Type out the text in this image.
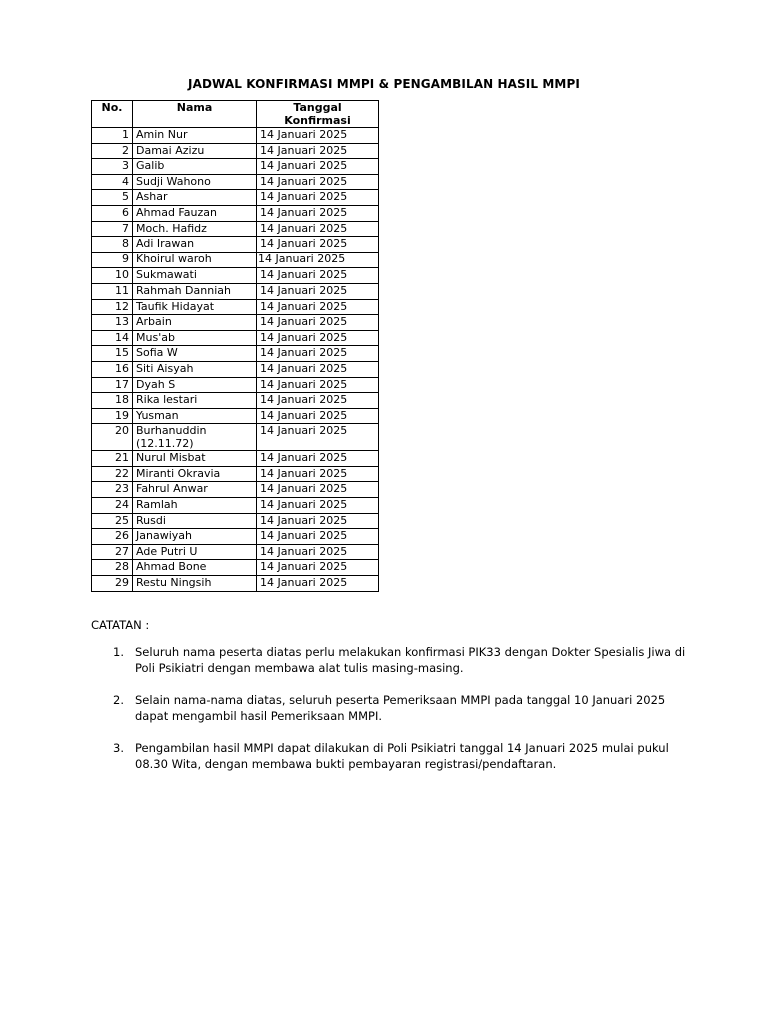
JADWAL KONFIRMASI MMPI & PENGAMBILAN HASIL MMPI
No.	Nama	Tanggal
Konfirmasi
1	Amin Nur	14 Januari 2025
2	Damai Azizu	14 Januari 2025
3	Galib	14 Januari 2025
4	Sudji Wahono	14 Januari 2025
5	Ashar	14 Januari 2025
6	Ahmad Fauzan	14 Januari 2025
7	Moch. Hafidz	14 Januari 2025
8	Adi Irawan	14 Januari 2025
9	Khoirul waroh	14 Januari 2025
10	Sukmawati	14 Januari 2025
11	Rahmah Danniah	14 Januari 2025
12	Taufik Hidayat	14 Januari 2025
13	Arbain	14 Januari 2025
14	Mus'ab	14 Januari 2025
15	Sofia W	14 Januari 2025
16	Siti Aisyah	14 Januari 2025
17	Dyah S	14 Januari 2025
18	Rika lestari	14 Januari 2025
19	Yusman	14 Januari 2025
20	Burhanuddin (12.11.72)	14 Januari 2025
21	Nurul Misbat	14 Januari 2025
22	Miranti Okravia	14 Januari 2025
23	Fahrul Anwar	14 Januari 2025
24	Ramlah	14 Januari 2025
25	Rusdi	14 Januari 2025
26	Janawiyah	14 Januari 2025
27	Ade Putri U	14 Januari 2025
28	Ahmad Bone	14 Januari 2025
29	Restu Ningsih	14 Januari 2025
CATATAN :
1. Seluruh nama peserta diatas perlu melakukan konfirmasi PIK33 dengan Dokter Spesialis Jiwa di Poli Psikiatri dengan membawa alat tulis masing-masing.
2. Selain nama-nama diatas, seluruh peserta Pemeriksaan MMPI pada tanggal 10 Januari 2025 dapat mengambil hasil Pemeriksaan MMPI.
3. Pengambilan hasil MMPI dapat dilakukan di Poli Psikiatri tanggal 14 Januari 2025 mulai pukul 08.30 Wita, dengan membawa bukti pembayaran registrasi/pendaftaran.
